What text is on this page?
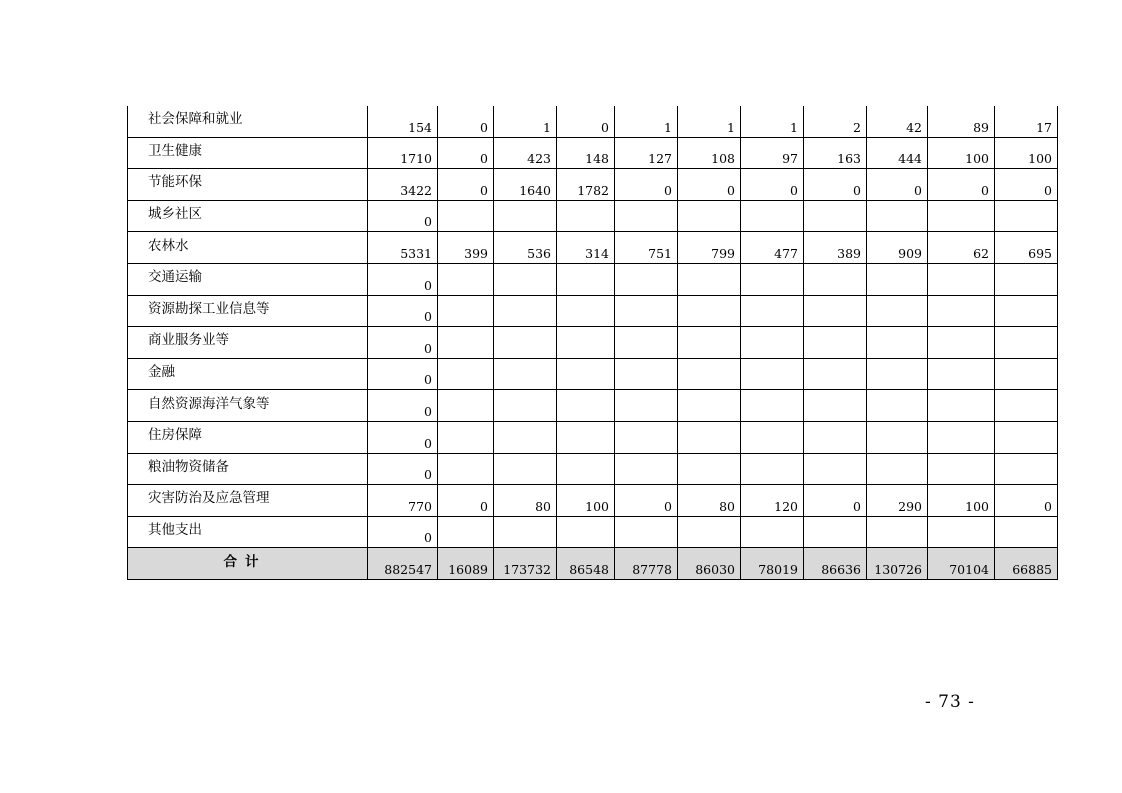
社会保障和就业	154	0	1	0	1	1	1	2	42	89	17
卫生健康	1710	0	423	148	127	108	97	163	444	100	100
节能环保	3422	0	1640	1782	0	0	0	0	0	0	0
城乡社区	0										
农林水	5331	399	536	314	751	799	477	389	909	62	695
交通运输	0										
资源勘探工业信息等	0										
商业服务业等	0										
金融	0										
自然资源海洋气象等	0										
住房保障	0										
粮油物资储备	0										
灾害防治及应急管理	770	0	80	100	0	80	120	0	290	100	0
其他支出	0										
合计	882547	16089	173732	86548	87778	86030	78019	86636	130726	70104	66885
- 73 -
